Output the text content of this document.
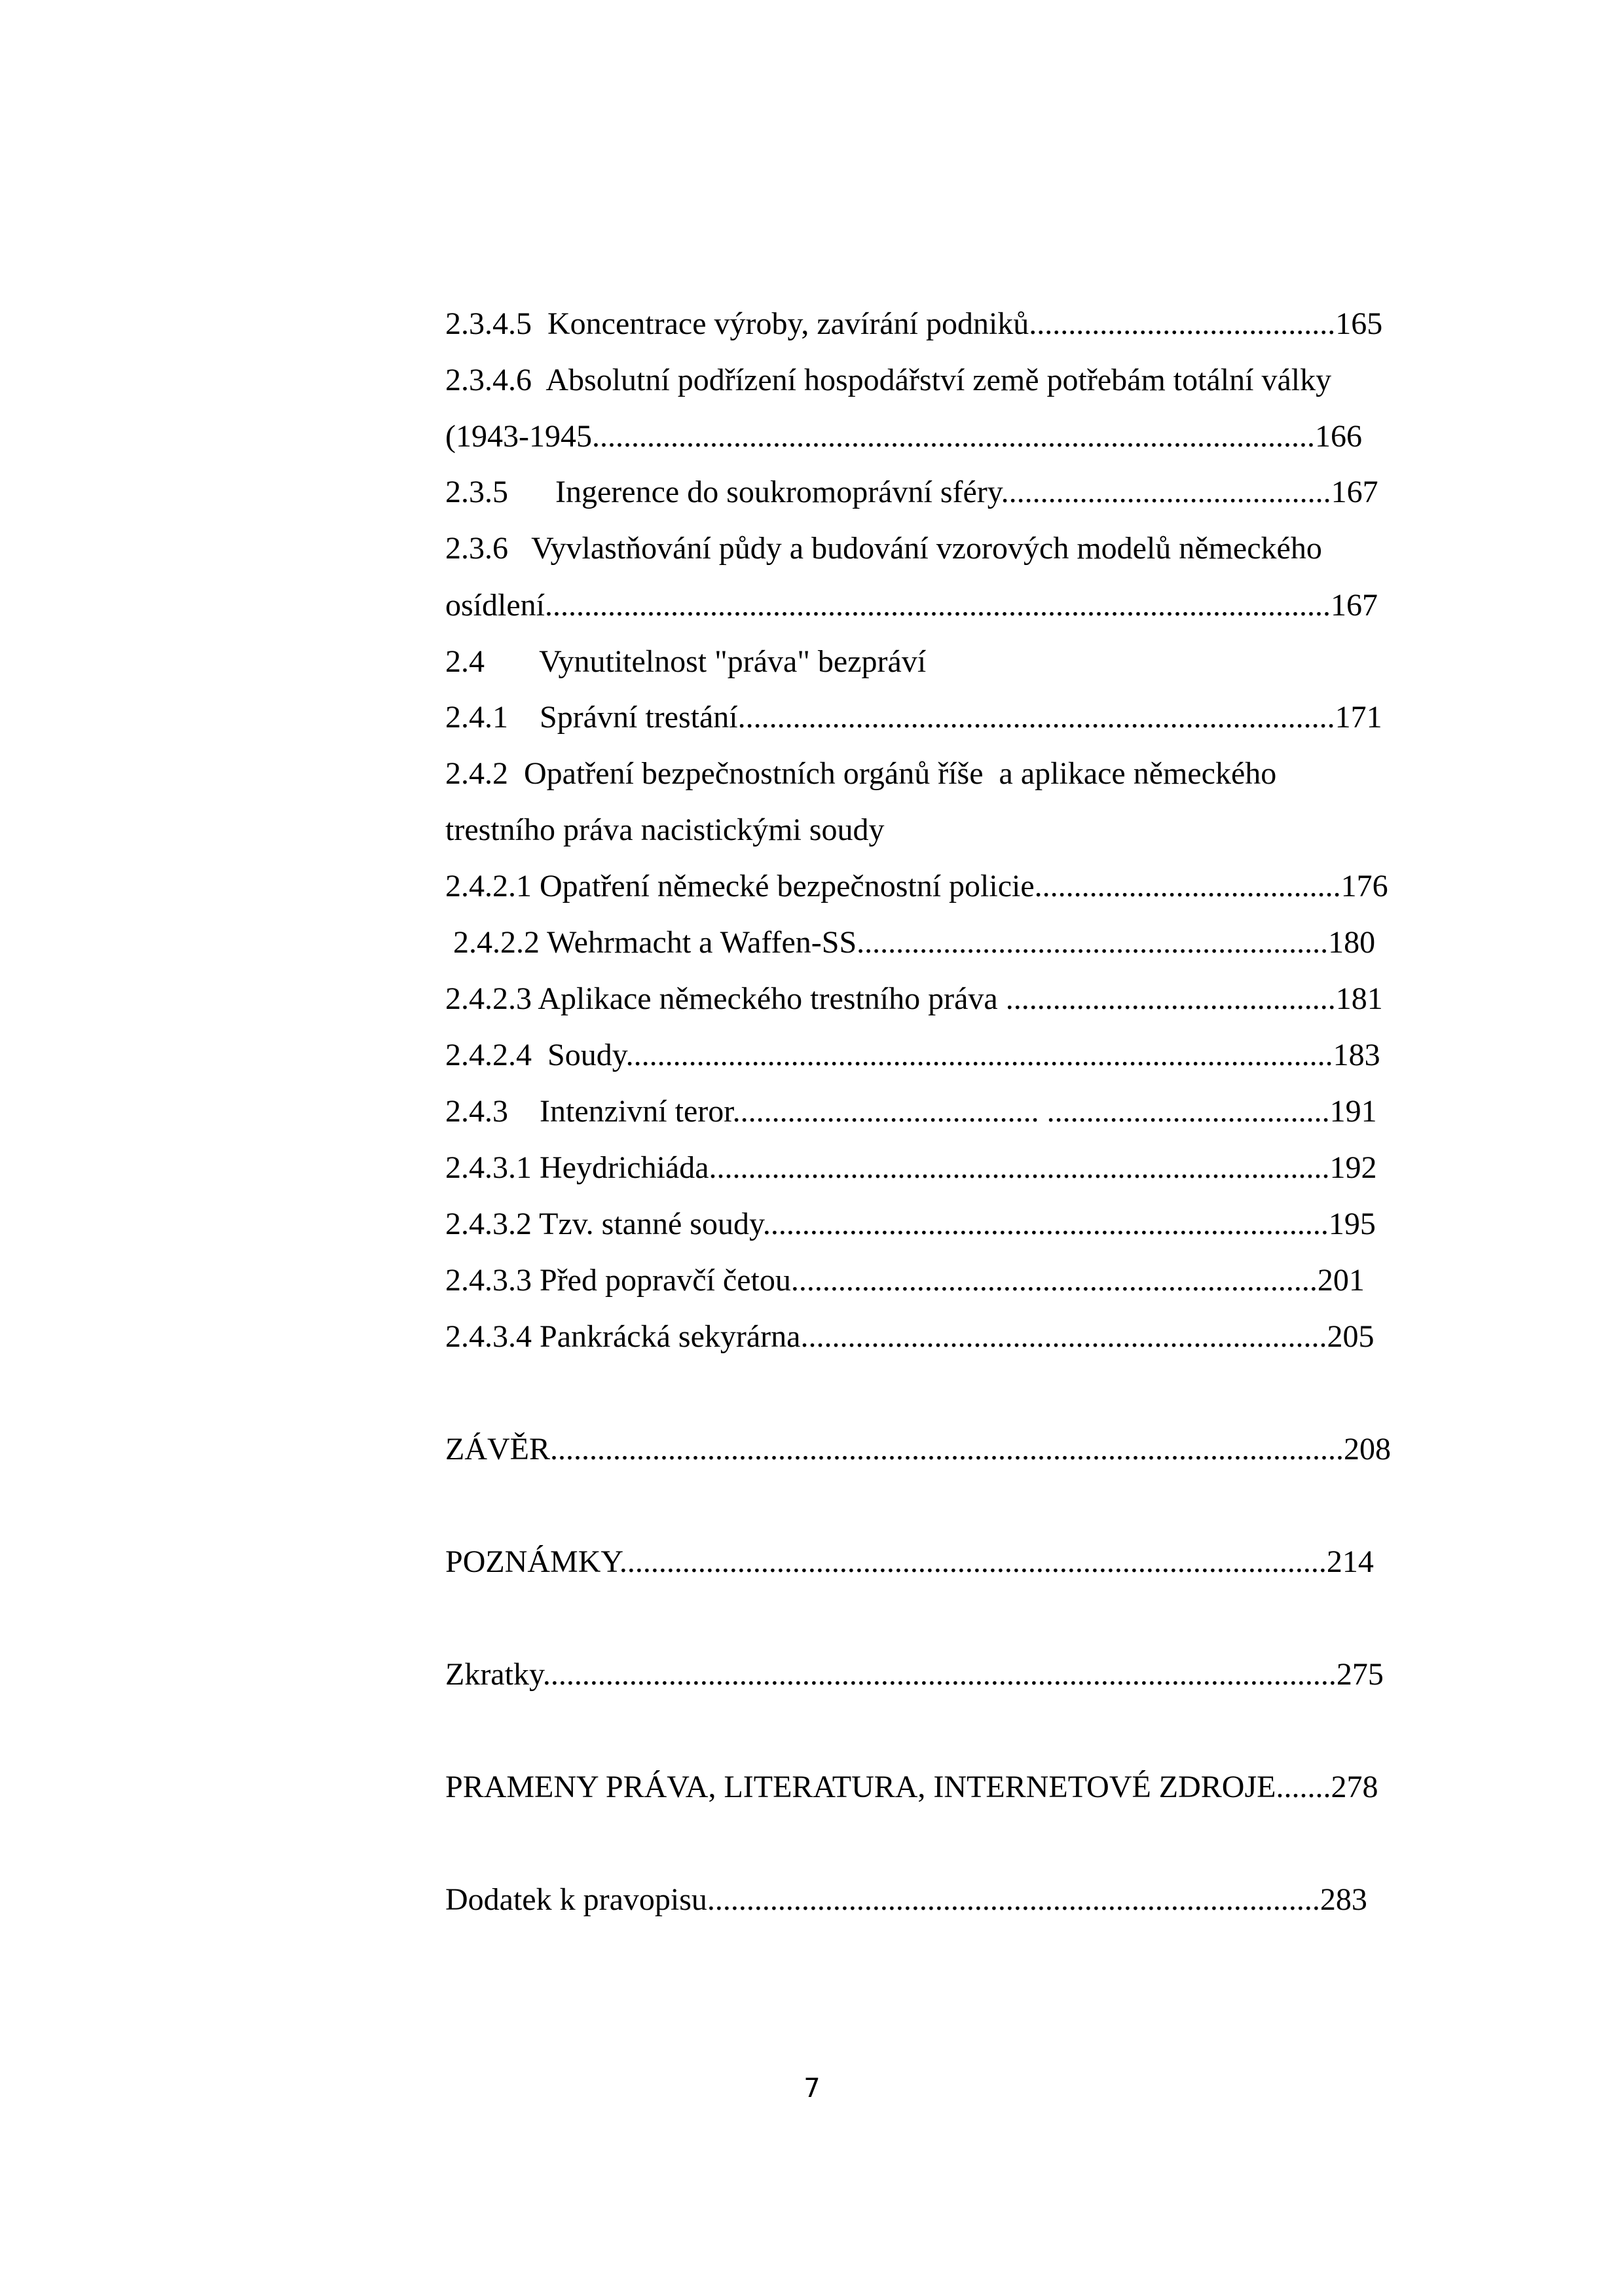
2.3.4.5  Koncentrace výroby, zavírání podniků.......................................165
2.3.4.6  Absolutní podřízení hospodářství země potřebám totální války
(1943-1945............................................................................................166
2.3.5      Ingerence do soukromoprávní sféry..........................................167
2.3.6   Vyvlastňování půdy a budování vzorových modelů německého
osídlení....................................................................................................167
2.4       Vynutitelnost "práva" bezpráví
2.4.1    Správní trestání............................................................................171
2.4.2  Opatření bezpečnostních orgánů říše  a aplikace německého
trestního práva nacistickými soudy
2.4.2.1 Opatření německé bezpečnostní policie.......................................176
2.4.2.2 Wehrmacht a Waffen-SS............................................................180
2.4.2.3 Aplikace německého trestního práva ..........................................181
2.4.2.4  Soudy..........................................................................................183
2.4.3    Intenzivní teror....................................... ....................................191
2.4.3.1 Heydrichiáda...............................................................................192
2.4.3.2 Tzv. stanné soudy........................................................................195
2.4.3.3 Před popravčí četou...................................................................201
2.4.3.4 Pankrácká sekyrárna...................................................................205
ZÁVĚR.....................................................................................................208
POZNÁMKY..........................................................................................214
Zkratky.....................................................................................................275
PRAMENY PRÁVA, LITERATURA, INTERNETOVÉ ZDROJE.......278
Dodatek k pravopisu..............................................................................283
7
